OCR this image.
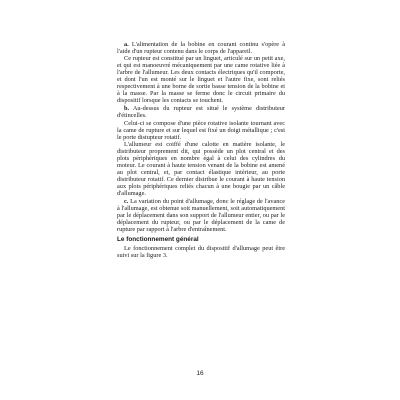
a. L'alimentation de la bobine en courant continu s'opère à l'aide d'un rupteur contenu dans le corps de l'appareil.

Ce rupteur est constitué par un linguet, articulé sur un petit axe, et qui est manoeuvré mécaniquement par une came rotative liée à l'arbre de l'allumeur. Les deux contacts électriques qu'il comporte, et dont l'un est monté sur le linguet et l'autre fixe, sont reliés respectivement à une borne de sortie basse tension de la bobine et à la masse. Par la masse se ferme donc le circuit primaire du dispositif lorsque les contacts se touchent.

b. Au-dessus du rupteur est situé le système distributeur d'étincelles.

Celui-ci se compose d'une pièce rotative isolante tournant avec la came de rupture et sur lequel est fixé un doigt métallique ; c'est le porte distupteur rotatif.

L'allumeur est coiffé d'une calotte en matière isolante, le distributeur proprement dit, qui possède un plot central et des plots périphériques en nombre égal à celui des cylindres du moteur. Le courant à haute tension venant de la bobine est amené au plot central, et, par contact élastique intérieur, au porte distributeur rotatif. Ce dernier distribue le courant à haute tension aux plots périphériques reliés chacun à une bougie par un câble d'allumage.

c. La variation du point d'allumage, donc le réglage de l'avance à l'allumage, est obtenue soit manuellement, soit automatiquement par le déplacement dans son support de l'allumeur entier, ou par le déplacement du rupteur, ou par le déplacement de la came de rupture par rapport à l'arbre d'entraînement.

Le fonctionnement général

Le fonctionnement complet du dispositif d'allumage peut être suivi sur la figure 3.

16
